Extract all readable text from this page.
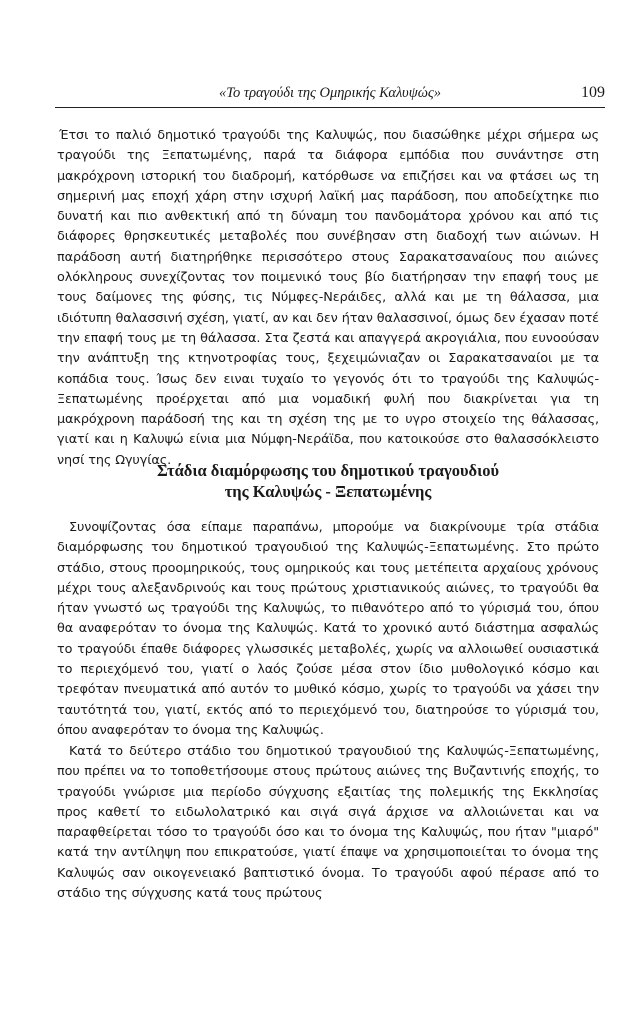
«Το τραγούδι της Ομηρικής Καλυψώς»	109

Έτσι το παλιό δημοτικό τραγούδι της Καλυψώς, που διασώθηκε μέχρι σήμερα ως τραγούδι της Ξεπατωμένης, παρά τα διάφορα εμπόδια που συνάντησε στη μακρόχρονη ιστορική του διαδρομή, κατόρθωσε να επιζήσει και να φτάσει ως τη σημερινή μας εποχή χάρη στην ισχυρή λαϊκή μας παράδοση, που αποδείχτηκε πιο δυνατή και πιο ανθεκτική από τη δύναμη του πανδομάτορα χρόνου και από τις διάφορες θρησκευτικές μεταβολές που συνέβησαν στη διαδοχή των αιώνων. Η παράδοση αυτή διατηρήθηκε περισσότερο στους Σαρακατσαναίους που αιώνες ολόκληρους συνεχίζοντας τον ποιμενικό τους βίο διατήρησαν την επαφή τους με τους δαίμονες της φύσης, τις Νύμφες-Νεράιδες, αλλά και με τη θάλασσα, μια ιδιότυπη θαλασσινή σχέση, γιατί, αν και δεν ήταν θαλασσινοί, όμως δεν έχασαν ποτέ την επαφή τους με τη θάλασσα. Στα ζεστά και απαγγερά ακρογιάλια, που ευνοούσαν την ανάπτυξη της κτηνοτροφίας τους, ξεχειμώνιαζαν οι Σαρακατσαναίοι με τα κοπάδια τους. Ίσως δεν ειναι τυχαίο το γεγονός ότι το τραγούδι της Καλυψώς-Ξεπατωμένης προέρχεται από μια νομαδική φυλή που διακρίνεται για τη μακρόχρονη παράδοσή της και τη σχέση της με το υγρο στοιχείο της θάλασσας, γιατί και η Καλυψώ είνια μια Νύμφη-Νεράϊδα, που κατοικούσε στο θαλασσόκλειστο νησί της Ωγυγίας.

Στάδια διαμόρφωσης του δημοτικού τραγουδιού
της Καλυψώς - Ξεπατωμένης

Συνοψίζοντας όσα είπαμε παραπάνω, μπορούμε να διακρίνουμε τρία στάδια διαμόρφωσης του δημοτικού τραγουδιού της Καλυψώς-Ξεπατωμένης. Στο πρώτο στάδιο, στους προομηρικούς, τους ομηρικούς και τους μετέπειτα αρχαίους χρόνους μέχρι τους αλεξανδρινούς και τους πρώτους χριστιανικούς αιώνες, το τραγούδι θα ήταν γνωστό ως τραγούδι της Καλυψώς, το πιθανότερο από το γύρισμά του, όπου θα αναφερόταν το όνομα της Καλυψώς. Κατά το χρονικό αυτό διάστημα ασφαλώς το τραγούδι έπαθε διάφορες γλωσσικές μεταβολές, χωρίς να αλλοιωθεί ουσιαστικά το περιεχόμενό του, γιατί ο λαός ζούσε μέσα στον ίδιο μυθολογικό κόσμο και τρεφόταν πνευματικά από αυτόν το μυθικό κόσμο, χωρίς το τραγούδι να χάσει την ταυτότητά του, γιατί, εκτός από το περιεχόμενό του, διατηρούσε το γύρισμά του, όπου αναφερόταν το όνομα της Καλυψώς.

Κατά το δεύτερο στάδιο του δημοτικού τραγουδιού της Καλυψώς-Ξεπατωμένης, που πρέπει να το τοποθετήσουμε στους πρώτους αιώνες της Βυζαντινής εποχής, το τραγούδι γνώρισε μια περίοδο σύγχυσης εξαιτίας της πολεμικής της Εκκλησίας προς καθετί το ειδωλολατρικό και σιγά σιγά άρχισε να αλλοιώνεται και να παραφθείρεται τόσο το τραγούδι όσο και το όνομα της Καλυψώς, που ήταν "μιαρό" κατά την αντίληψη που επικρατούσε, γιατί έπαψε να χρησιμοποιείται το όνομα της Καλυψώς σαν οικογενειακό βαπτιστικό όνομα. Το τραγούδι αφού πέρασε από το στάδιο της σύγχυσης κατά τους πρώτους
